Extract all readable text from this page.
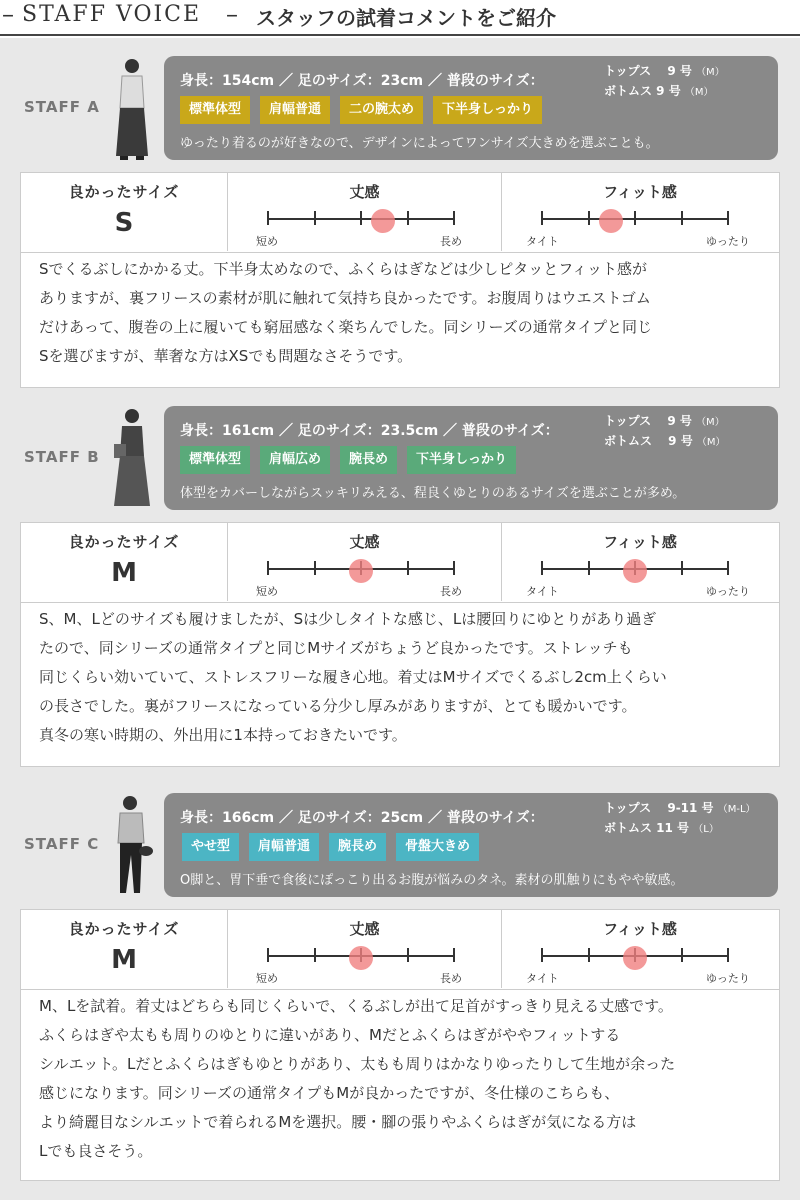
– STAFF VOICE – スタッフの試着コメントをご紹介
STAFF A
身長：154cm ／ 足のサイズ：23cm ／ 普段のサイズ：
トップス 　9 号 （M）
ボトムス 9 号 （M）
標準体型	肩幅普通	二の腕太め	下半身しっかり
ゆったり着るのが好きなので、デザインによってワンサイズ大きめを選ぶことも。
良かったサイズ
S
丈感
短め	長め
フィット感
タイト	ゆったり

Sでくるぶしにかかる丈。下半身太めなので、ふくらはぎなどは少しピタッとフィット感が

ありますが、裏フリースの素材が肌に触れて気持ち良かったです。お腹周りはウエストゴム

だけあって、腹巻の上に履いても窮屈感なく楽ちんでした。同シリーズの通常タイプと同じ

Sを選びますが、華奢な方はXSでも問題なさそうです。

STAFF B
身長：161cm ／ 足のサイズ：23.5cm ／ 普段のサイズ：
トップス 　9 号 （M）
ボトムス 　9 号 （M）
標準体型	肩幅広め	腕長め	下半身しっかり
体型をカバーしながらスッキリみえる、程良くゆとりのあるサイズを選ぶことが多め。
良かったサイズ
M
丈感
短め	長め
フィット感
タイト	ゆったり

S、M、Lどのサイズも履けましたが、Sは少しタイトな感じ、Lは腰回りにゆとりがあり過ぎ

たので、同シリーズの通常タイプと同じMサイズがちょうど良かったです。ストレッチも

同じくらい効いていて、ストレスフリーな履き心地。着丈はMサイズでくるぶし2cm上くらい

の長さでした。裏がフリースになっている分少し厚みがありますが、とても暖かいです。

真冬の寒い時期の、外出用に1本持っておきたいです。

STAFF C
身長：166cm ／ 足のサイズ：25cm ／ 普段のサイズ：
トップス 　9-11 号 （M-L）
ボトムス 11 号 （L）
やせ型	肩幅普通	腕長め	骨盤大きめ
O脚と、胃下垂で食後にぽっこり出るお腹が悩みのタネ。素材の肌触りにもやや敏感。
良かったサイズ
M
丈感
短め	長め
フィット感
タイト	ゆったり

M、Lを試着。着丈はどちらも同じくらいで、くるぶしが出て足首がすっきり見える丈感です。

ふくらはぎや太もも周りのゆとりに違いがあり、Mだとふくらはぎがややフィットする

シルエット。Lだとふくらはぎもゆとりがあり、太もも周りはかなりゆったりして生地が余った

感じになります。同シリーズの通常タイプもMが良かったですが、冬仕様のこちらも、

より綺麗目なシルエットで着られるMを選択。腰・腳の張りやふくらはぎが気になる方は

Lでも良さそう。
